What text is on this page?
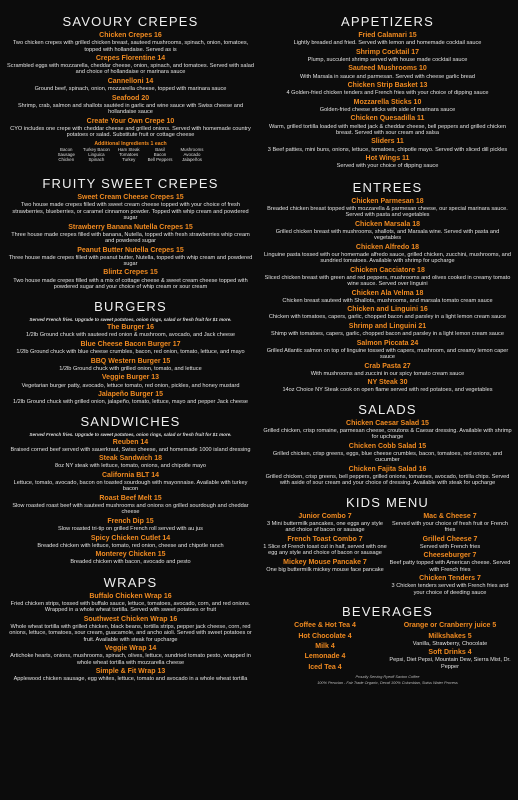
SAVOURY CREPES
Chicken Crepes 16
Two chicken crepes with grilled chicken breast, sauteed mushrooms, spinach, onion, tomatoes, topped with hollandaise. Served as is
Crepes Florentine 14
Scrambled eggs with mozzarella, cheddar cheese, onion, spinach, and tomatoes. Served with salad and choice of hollandaise or marinara sauce
Cannelloni 14
Ground beef, spinach, onion, mozzarella cheese, topped with marinara sauce
Seafood 20
Shrimp, crab, salmon and shallots sautéed in garlic and wine sauce with Swiss cheese and hollandaise sauce
Create Your Own Crepe 10
CYO includes one crepe with cheddar cheese and grilled onions. Served with homemade country potatoes or salad. Substitute fruit or cottage cheese
Additional Ingredients 1 each
Bacon
Sausage
Chicken
Turkey Bacon
Linguica
Spinach
Ham Steak
Tomatoes
Turkey
Basil
Bacon
Bell Peppers
Mushrooms
Avocado
Jalapeños
FRUITY SWEET CREPES
Sweet Cream Cheese Crepes 15
Two house made crepes filled with sweet cream cheese topped with your choice of fresh strawberries, blueberries, or caramel cinnamon powder. Topped with whip cream and powdered sugar
Strawberry Banana Nutella Crepes 15
Three house made crepes filled with banana, Nutella, topped with fresh strawberries whip cream and powdered sugar
Peanut Butter Nutella Crepes 15
Three house made crepes filled with peanut butter, Nutella, topped with whip cream and powdered sugar
Blintz Crepes 15
Two house made crepes filled with a mix of cottage cheese & sweet cream cheese topped with powdered sugar and your choice of whip cream or sour cream
BURGERS
Served French fries. Upgrade to sweet potatoes, onion rings, salad or fresh fruit for $1 more.
The Burger 16
1/2lb Ground chuck with sauteed red onion & mushroom, avocado, and Jack cheese
Blue Cheese Bacon Burger 17
1/2lb Ground chuck with blue cheese crumbles, bacon, red onion, tomato, lettuce, and mayo
BBQ Western Burger 15
1/2lb Ground chuck with grilled onion, tomato, and lettuce
Veggie Burger 13
Vegetarian burger patty, avocado, lettuce tomato, red onion, pickles, and honey mustard
Jalapeño Burger 15
1/2lb Ground chuck with grilled onion, jalapeño, tomato, lettuce, mayo and pepper Jack cheese
SANDWICHES
Served French fries. Upgrade to sweet potatoes, onion rings, salad or fresh fruit for $1 more.
Reuben 14
Braised corned beef served with sauerkraut, Swiss cheese, and homemade 1000 island dressing
Steak Sandwich 18
8oz NY steak with lettuce, tomato, onions, and chipotle mayo
California BLT 14
Lettuce, tomato, avocado, bacon on toasted sourdough with mayonnaise. Available with turkey bacon
Roast Beef Melt 15
Slow roasted roast beef with sauteed mushrooms and onions on grilled sourdough and cheddar cheese
French Dip 15
Slow roasted tri-tip on grilled French roll served with au jus
Spicy Chicken Cutlet 14
Breaded chicken with lettuce, tomato, red onion, cheese and chipotle ranch
Monterey Chicken 15
Breaded chicken with bacon, avocado and pesto
WRAPS
Buffalo Chicken Wrap 16
Fried chicken strips, tossed with buffalo sauce, lettuce, tomatoes, avocado, corn, and red onions. Wrapped in a whole wheat tortilla. Served with sweet potatoes or fruit
Southwest Chicken Wrap 16
Whole wheat tortilla with grilled chicken, black beans, tortilla strips, pepper jack cheese, corn, red onions, lettuce, tomatoes, sour cream, guacamole, and ancho aioli. Served with sweet potatoes or fruit. Available with steak for upcharge
Veggie Wrap 14
Artichoke hearts, onions, mushrooms, spinach, olives, lettuce, sundried tomato pesto, wrapped in whole wheat tortilla with mozzarella cheese
Simple & Fit Wrap 13
Applewood chicken sausage, egg whites, lettuce, tomato and avocado in a whole wheat tortilla
APPETIZERS
Fried Calamari 15
Lightly breaded and fried. Served with lemon and homemade cocktail sauce
Shrimp Cocktail 17
Plump, succulent shrimp served with house made cocktail sauce
Sauteed Mushrooms 10
With Marsala in sauce and parmesan. Served with cheese garlic bread
Chicken Strip Basket 13
4 Golden-fried chicken tenders and French fries with your choice of dipping sauce
Mozzarella Sticks 10
Golden-fried cheese sticks with side of marinara sauce
Chicken Quesadilla 11
Warm, grilled tortilla loaded with melted jack & cheddar cheese, bell peppers and grilled chicken breast. Served with sour cream and salsa
Sliders 11
3 Beef patties, mini buns, onions, lettuce, tomatoes, chipotle mayo. Served with sliced dill pickles
Hot Wings 11
Served with your choice of dipping sauce
ENTREES
Chicken Parmesan 18
Breaded chicken breast topped with mozzarella & parmesan cheese, our special marinara sauce. Served with pasta and vegetables
Chicken Marsala 18
Grilled chicken breast with mushrooms, shallots, and Marsala wine. Served with pasta and vegetables
Chicken Alfredo 18
Linguine pasta tossed with our homemade alfredo sauce, grilled chicken, zucchini, mushrooms, and sundried tomatoes. Available with shrimp for upcharge
Chicken Cacciatore 18
Sliced chicken breast with green and red peppers, mushrooms and olives cooked in creamy tomato wine sauce. Served over linguini
Chicken Ala Velma 18
Chicken breast sauteed with Shallots, mushrooms, and marsala tomato cream sauce
Chicken and Linguini 16
Chicken with tomatoes, capers, garlic, chopped bacon and parsley in a light lemon cream sauce
Shrimp and Linguini 21
Shimp with tomatoes, capers, garlic, chopped bacon and parsley in a light lemon cream sauce
Salmon Piccata 24
Grilled Atlantic salmon on top of linguine tossed with capers, mushroom, and creamy lemon caper sauce
Crab Pasta 27
With mushrooms and zuccini in our spicy tomato cream sauce
NY Steak 30
14oz Choice NY Steak cook on open flame served with red potatoes, and vegetables
SALADS
Chicken Caesar Salad 15
Grilled chicken, crisp romaine, parmesan cheese, croutons & Caesar dressing. Available with shrimp for upcharge
Chicken Cobb Salad 15
Grilled chicken, crisp greens, eggs, blue cheese crumbles, bacon, tomatoes, red onions, and cucumber
Chicken Fajita Salad 16
Grilled chicken, crisp greens, bell peppers, grilled onions, tomatoes, avocado, tortilla chips. Served with aside of sour cream and your choice of dressing. Available with steak for upcharge
KIDS MENU
Junior Combo 7
3 Mini buttermilk pancakes, one eggs any style and choice of bacon or sausage
French Toast Combo 7
1 Slice of French toast cut in half, served with one egg any style and choice of bacon or sausage
Mickey Mouse Pancake 7
One big buttermilk mickey mouse face pancake
Mac & Cheese 7
Served with your choice of fresh fruit or French fries
Grilled Cheese 7
Served with French fries
Cheeseburger 7
Beef patty topped with American cheese. Served with French fries
Chicken Tenders 7
3 Chicken tenders served with French fries and your choice of deeding sauce
BEVERAGES
Coffee & Hot Tea 4
Hot Chocolate 4
Milk 4
Lemonade 4
Iced Tea 4
Orange or Cranberry juice 5
Milkshakes 5
Vanilla, Strawberry, Chocolate
Soft Drinks 4
Pepsi, Diet Pepsi, Mountain Dew, Sierra Mist, Dr. Pepper
Proudly Serving Ryeoff Saxton Coffee
100% Peruvian - Fair Trade Organic, Decaf 100% Colombian, Swiss Water Process
